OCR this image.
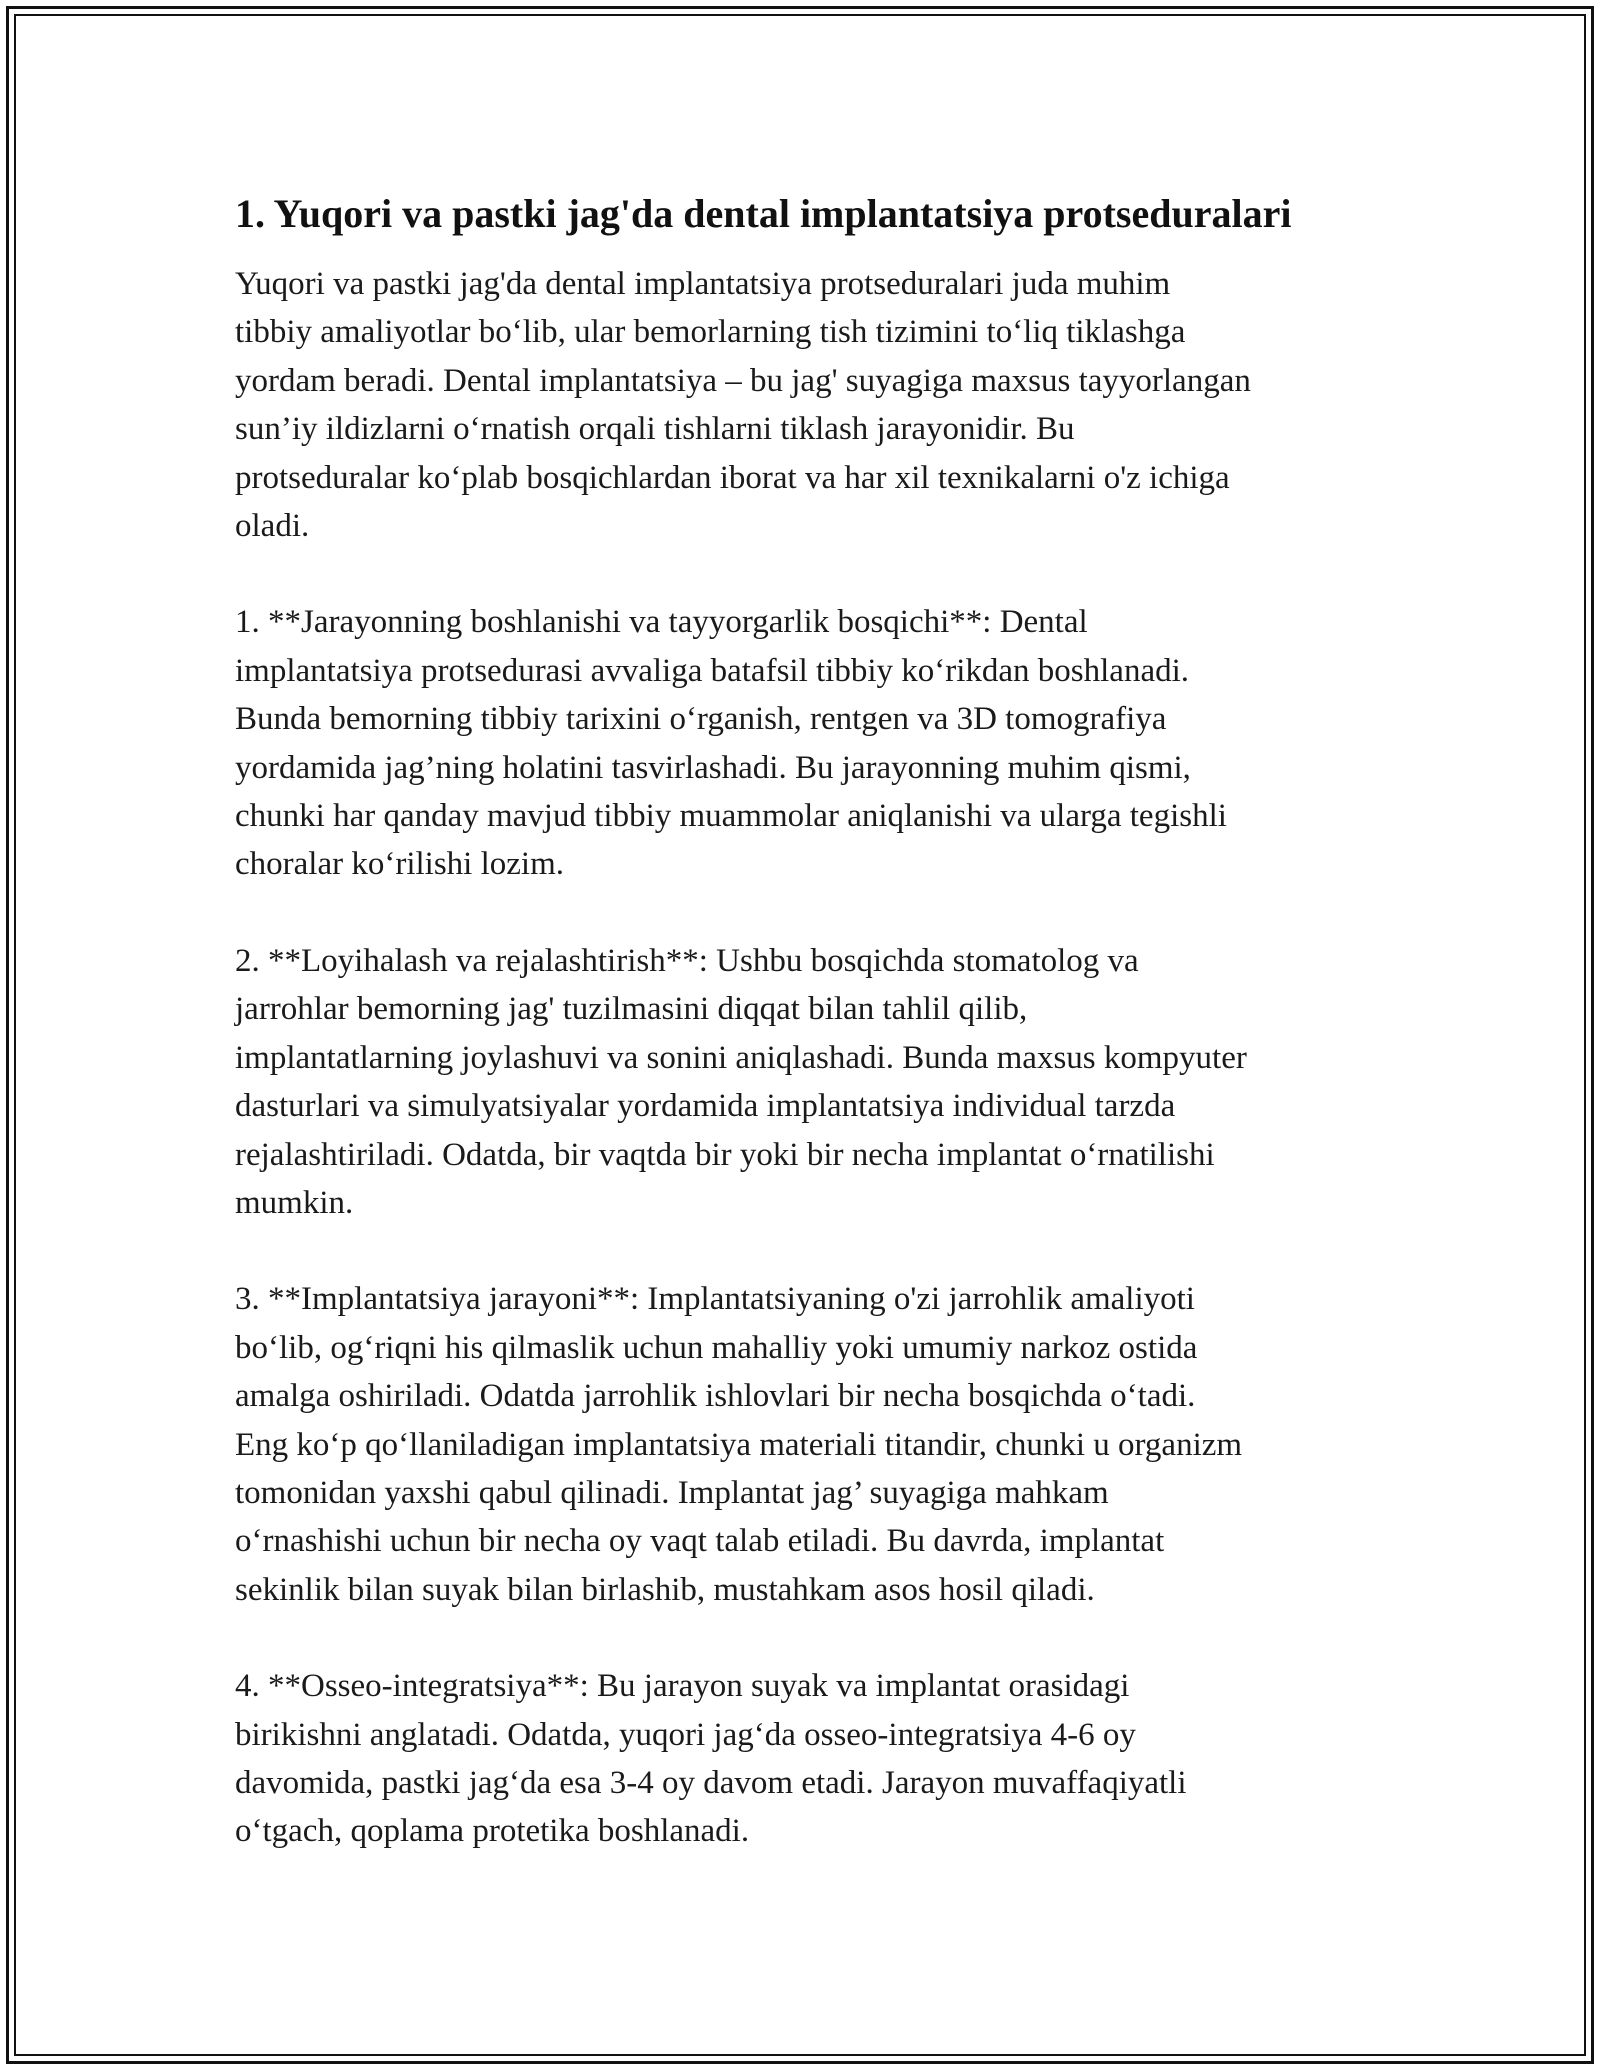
1. Yuqori va pastki jag'da dental implantatsiya protseduralari

Yuqori va pastki jag'da dental implantatsiya protseduralari juda muhim
tibbiy amaliyotlar bo‘lib, ular bemorlarning tish tizimini to‘liq tiklashga
yordam beradi. Dental implantatsiya – bu jag' suyagiga maxsus tayyorlangan
sun’iy ildizlarni o‘rnatish orqali tishlarni tiklash jarayonidir. Bu
protseduralar ko‘plab bosqichlardan iborat va har xil texnikalarni o'z ichiga
oladi.

1. **Jarayonning boshlanishi va tayyorgarlik bosqichi**: Dental
implantatsiya protsedurasi avvaliga batafsil tibbiy ko‘rikdan boshlanadi.
Bunda bemorning tibbiy tarixini o‘rganish, rentgen va 3D tomografiya
yordamida jag’ning holatini tasvirlashadi. Bu jarayonning muhim qismi,
chunki har qanday mavjud tibbiy muammolar aniqlanishi va ularga tegishli
choralar ko‘rilishi lozim.

2. **Loyihalash va rejalashtirish**: Ushbu bosqichda stomatolog va
jarrohlar bemorning jag' tuzilmasini diqqat bilan tahlil qilib,
implantatlarning joylashuvi va sonini aniqlashadi. Bunda maxsus kompyuter
dasturlari va simulyatsiyalar yordamida implantatsiya individual tarzda
rejalashtiriladi. Odatda, bir vaqtda bir yoki bir necha implantat o‘rnatilishi
mumkin.

3. **Implantatsiya jarayoni**: Implantatsiyaning o'zi jarrohlik amaliyoti
bo‘lib, og‘riqni his qilmaslik uchun mahalliy yoki umumiy narkoz ostida
amalga oshiriladi. Odatda jarrohlik ishlovlari bir necha bosqichda o‘tadi.
Eng ko‘p qo‘llaniladigan implantatsiya materiali titandir, chunki u organizm
tomonidan yaxshi qabul qilinadi. Implantat jag’ suyagiga mahkam
o‘rnashishi uchun bir necha oy vaqt talab etiladi. Bu davrda, implantat
sekinlik bilan suyak bilan birlashib, mustahkam asos hosil qiladi.

4. **Osseo-integratsiya**: Bu jarayon suyak va implantat orasidagi
birikishni anglatadi. Odatda, yuqori jag‘da osseo-integratsiya 4-6 oy
davomida, pastki jag‘da esa 3-4 oy davom etadi. Jarayon muvaffaqiyatli
o‘tgach, qoplama protetika boshlanadi.
